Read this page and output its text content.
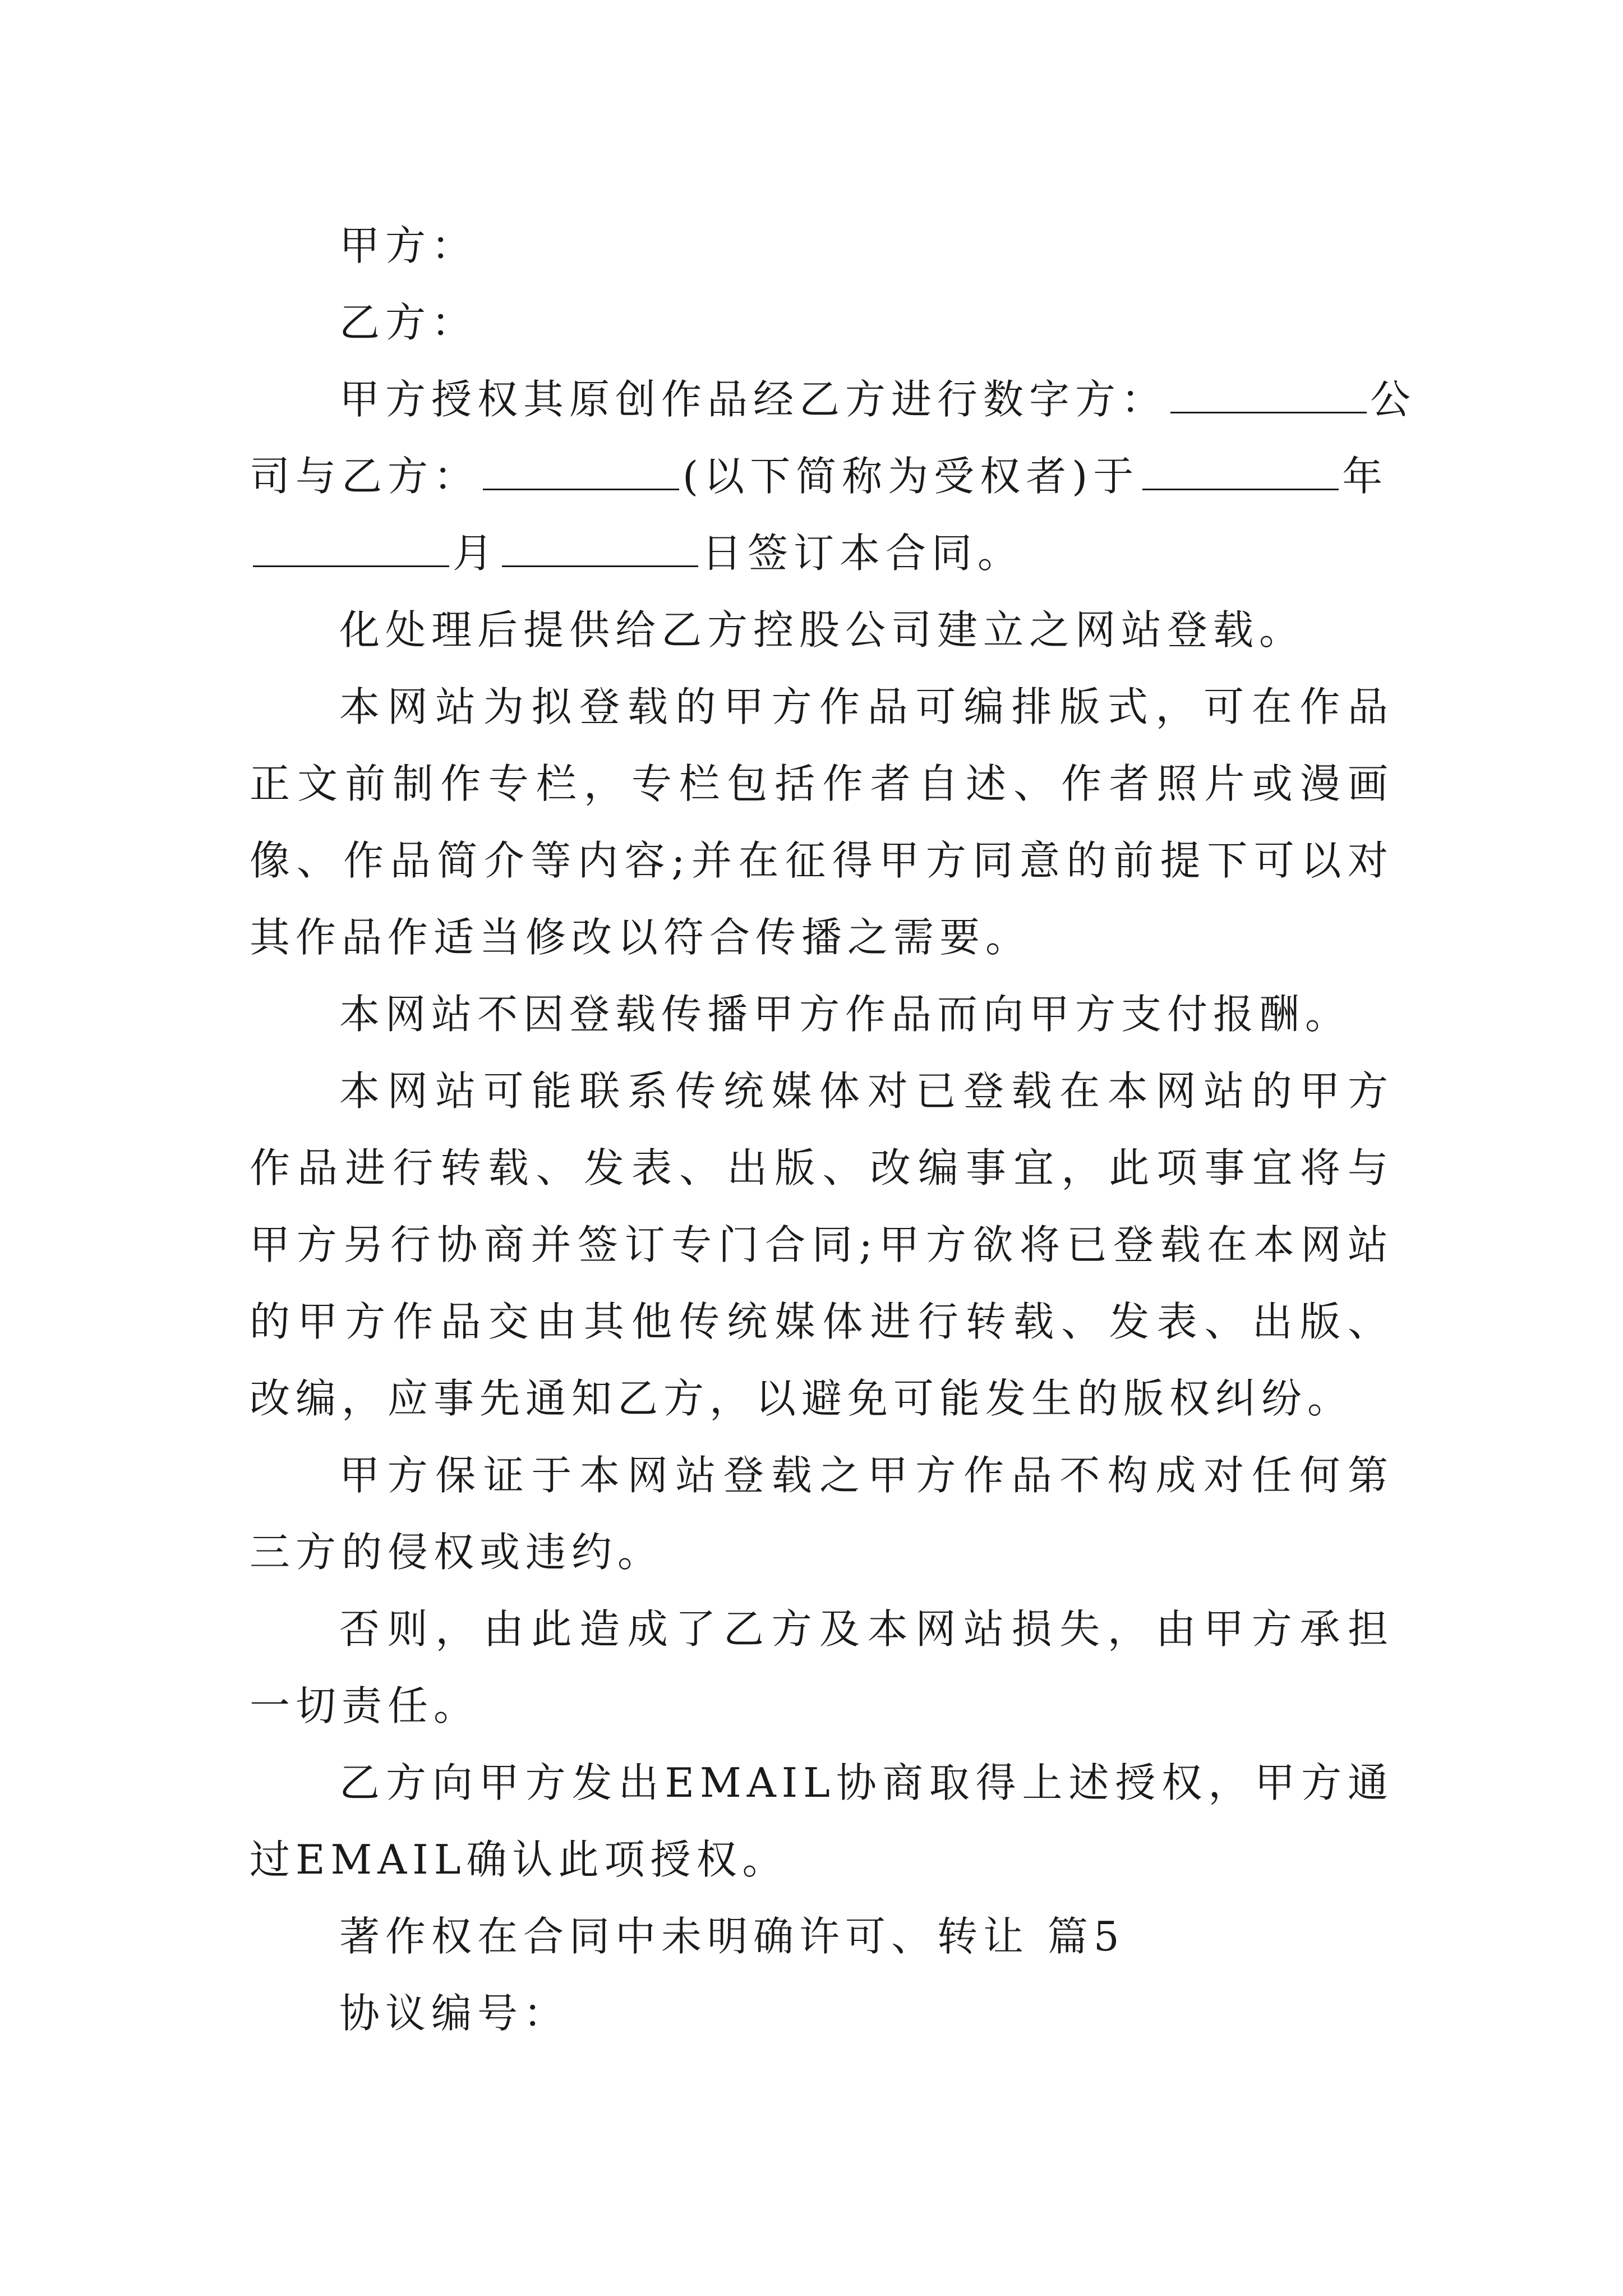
甲方：
乙方：
甲方授权其原创作品经乙方进行数字方：	公
司与乙方：	(以下简称为受权者)于	年
月	日签订本合同。

化处理后提供给乙方控股公司建立之网站登载。

本网站为拟登载的甲方作品可编排版式，可在作品正文前制作专栏，专栏包括作者自述、作者照片或漫画像、作品简介等内容;并在征得甲方同意的前提下可以对其作品作适当修改以符合传播之需要。

本网站不因登载传播甲方作品而向甲方支付报酬。

本网站可能联系传统媒体对已登载在本网站的甲方作品进行转载、发表、出版、改编事宜，此项事宜将与甲方另行协商并签订专门合同;甲方欲将已登载在本网站的甲方作品交由其他传统媒体进行转载、发表、出版、改编，应事先通知乙方，以避免可能发生的版权纠纷。

甲方保证于本网站登载之甲方作品不构成对任何第三方的侵权或违约。

否则，由此造成了乙方及本网站损失，由甲方承担一切责任。

乙方向甲方发出EMAIL协商取得上述授权，甲方通过EMAIL确认此项授权。

著作权在合同中未明确许可、转让 篇5
协议编号：
